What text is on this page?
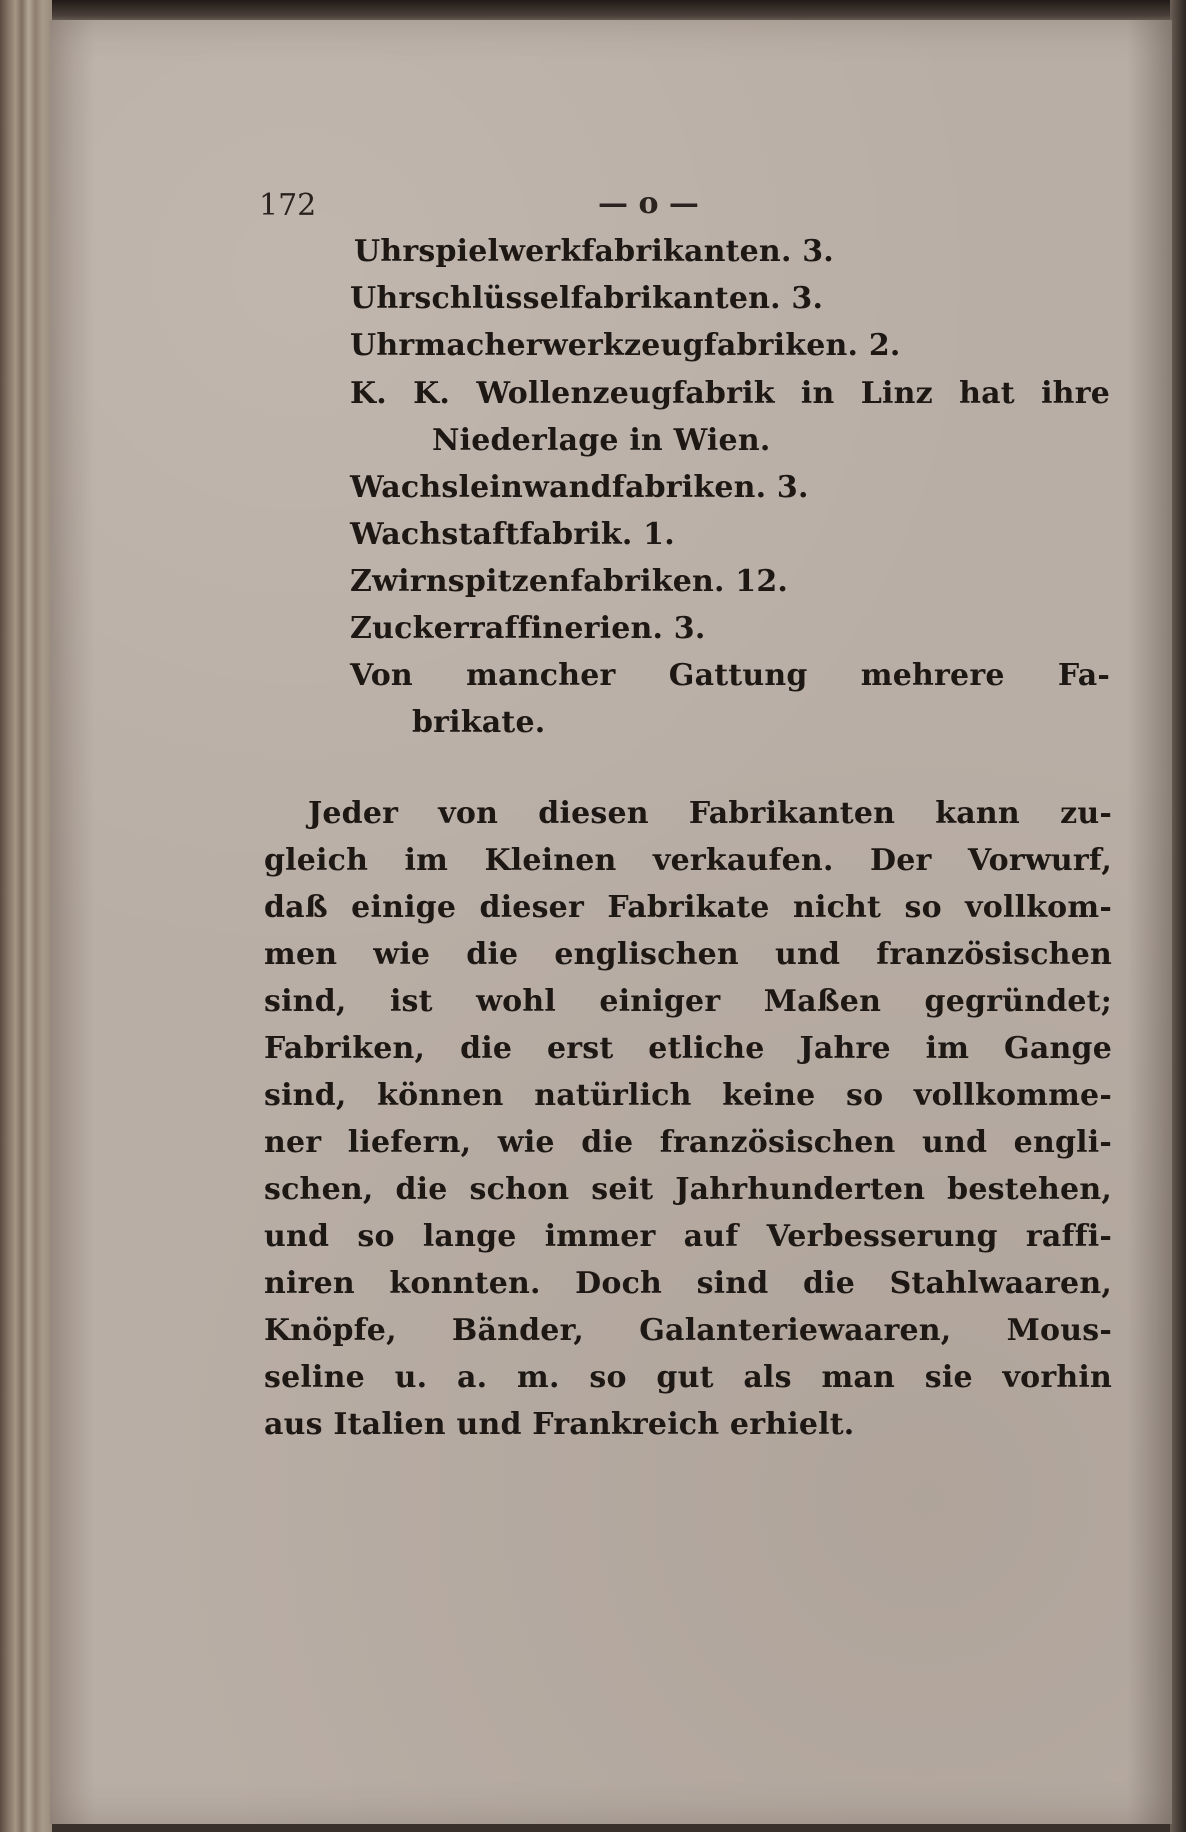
172	— o —

Uhrspielwerkfabrikanten. 3.

Uhrschlüsselfabrikanten. 3.

Uhrmacherwerkzeugfabriken. 2.

K. K. Wollenzeugfabrik in Linz hat ihre

Niederlage in Wien.

Wachsleinwandfabriken. 3.

Wachstaftfabrik. 1.

Zwirnspitzenfabriken. 12.

Zuckerraffinerien. 3.

Von mancher Gattung mehrere Fa-

brikate.

Jeder von diesen Fabrikanten kann zu-

gleich im Kleinen verkaufen. Der Vorwurf,

daß einige dieser Fabrikate nicht so vollkom-

men wie die englischen und französischen

sind, ist wohl einiger Maßen gegründet;

Fabriken, die erst etliche Jahre im Gange

sind, können natürlich keine so vollkomme-

ner liefern, wie die französischen und engli-

schen, die schon seit Jahrhunderten bestehen,

und so lange immer auf Verbesserung raffi-

niren konnten. Doch sind die Stahlwaaren,

Knöpfe, Bänder, Galanteriewaaren, Mous-

seline u. a. m. so gut als man sie vorhin

aus Italien und Frankreich erhielt.
